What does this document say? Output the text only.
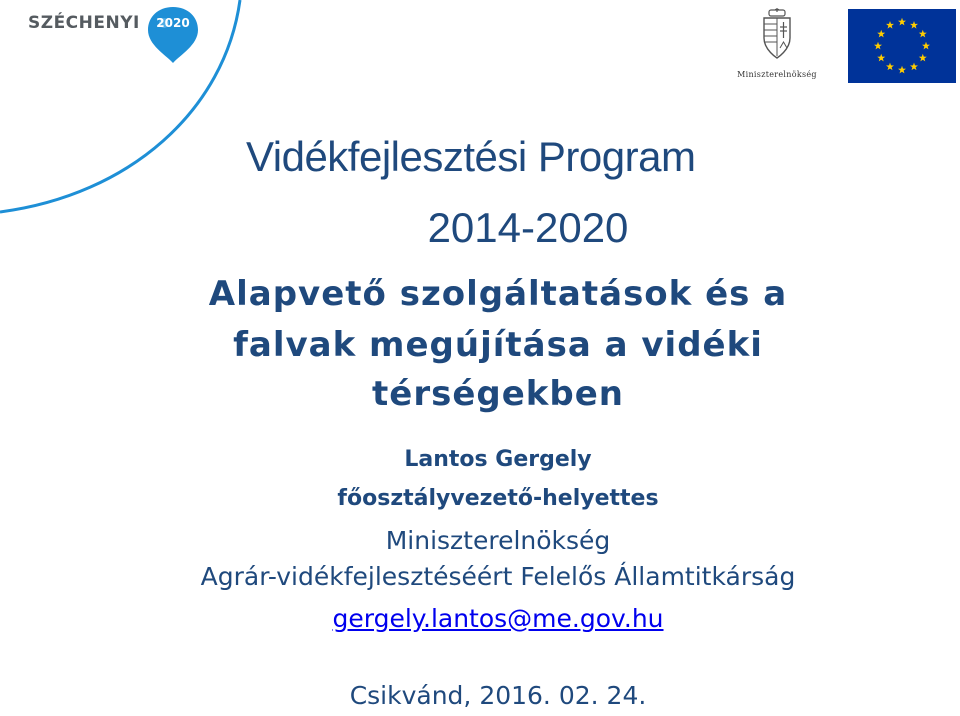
SZÉCHENYI	2020
Miniszterelnökség
Vidékfejlesztési Program
2014-2020
Alapvető szolgáltatások és a
falvak megújítása a vidéki
térségekben
Lantos Gergely
főosztályvezető-helyettes
Miniszterelnökség
Agrár-vidékfejlesztéséért Felelős Államtitkárság
gergely.lantos@me.gov.hu
Csikvánd, 2016. 02. 24.
